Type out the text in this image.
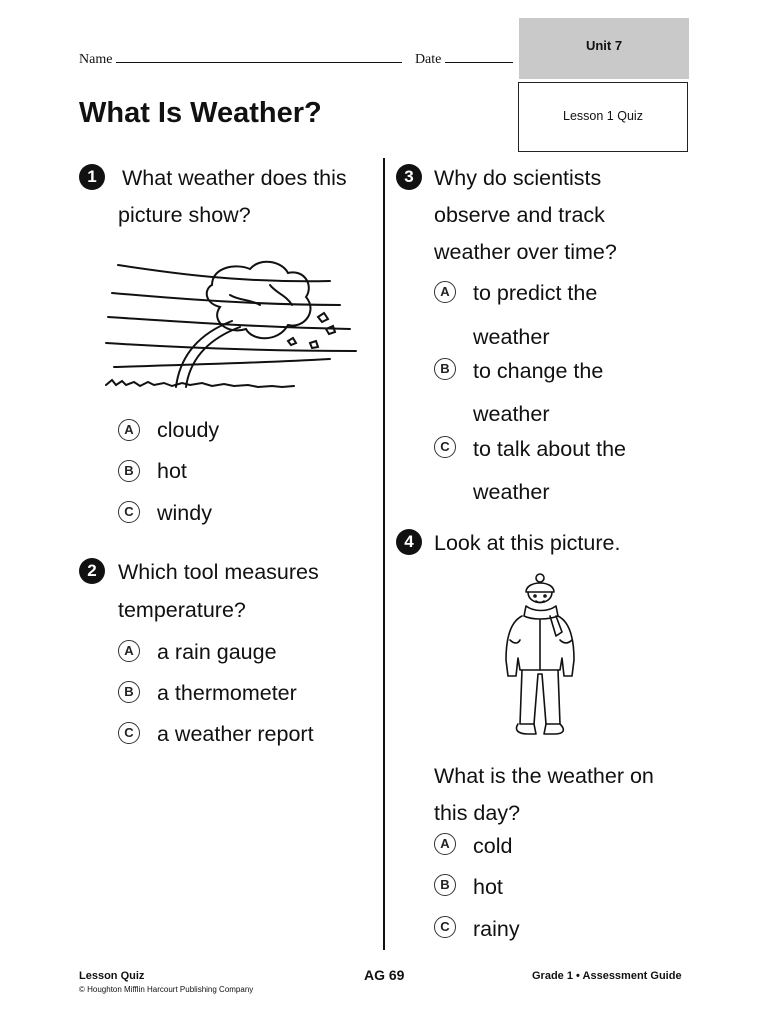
Name	Date
Unit 7
Lesson 1 Quiz
What Is Weather?
1	What weather does this
picture show?
A cloudy
B hot
C windy
2 Which tool measures
temperature?
A a rain gauge
B a thermometer
C a weather report
3 Why do scientists
observe and track
weather over time?
A to predict the
weather
B to change the
weather
C to talk about the
weather
4 Look at this picture.
What is the weather on
this day?
A cold
B hot
C rainy
Lesson Quiz
© Houghton Mifflin Harcourt Publishing Company
AG 69	Grade 1 • Assessment Guide
